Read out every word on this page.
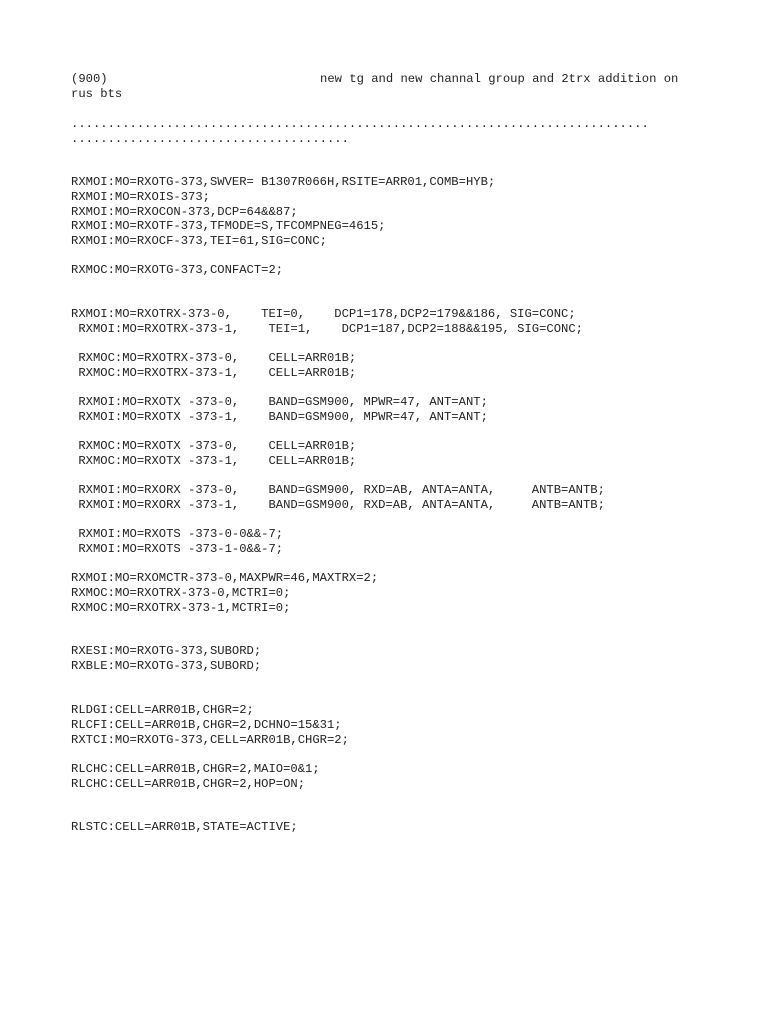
(900)	new tg and new channal group and 2trx addition on
rus bts
...............................................................................
......................................
RXMOI:MO=RXOTG-373,SWVER= B1307R066H,RSITE=ARR01,COMB=HYB;
RXMOI:MO=RXOIS-373;
RXMOI:MO=RXOCON-373,DCP=64&&87;
RXMOI:MO=RXOTF-373,TFMODE=S,TFCOMPNEG=4615;
RXMOI:MO=RXOCF-373,TEI=61,SIG=CONC;
RXMOC:MO=RXOTG-373,CONFACT=2;
RXMOI:MO=RXOTRX-373-0,    TEI=0,    DCP1=178,DCP2=179&&186, SIG=CONC;
RXMOI:MO=RXOTRX-373-1,    TEI=1,    DCP1=187,DCP2=188&&195, SIG=CONC;
RXMOC:MO=RXOTRX-373-0,    CELL=ARR01B;
RXMOC:MO=RXOTRX-373-1,    CELL=ARR01B;
RXMOI:MO=RXOTX -373-0,    BAND=GSM900, MPWR=47, ANT=ANT;
RXMOI:MO=RXOTX -373-1,    BAND=GSM900, MPWR=47, ANT=ANT;
RXMOC:MO=RXOTX -373-0,    CELL=ARR01B;
RXMOC:MO=RXOTX -373-1,    CELL=ARR01B;
RXMOI:MO=RXORX -373-0,    BAND=GSM900, RXD=AB, ANTA=ANTA,     ANTB=ANTB;
RXMOI:MO=RXORX -373-1,    BAND=GSM900, RXD=AB, ANTA=ANTA,     ANTB=ANTB;
RXMOI:MO=RXOTS -373-0-0&&-7;
RXMOI:MO=RXOTS -373-1-0&&-7;
RXMOI:MO=RXOMCTR-373-0,MAXPWR=46,MAXTRX=2;
RXMOC:MO=RXOTRX-373-0,MCTRI=0;
RXMOC:MO=RXOTRX-373-1,MCTRI=0;
RXESI:MO=RXOTG-373,SUBORD;
RXBLE:MO=RXOTG-373,SUBORD;
RLDGI:CELL=ARR01B,CHGR=2;
RLCFI:CELL=ARR01B,CHGR=2,DCHNO=15&31;
RXTCI:MO=RXOTG-373,CELL=ARR01B,CHGR=2;
RLCHC:CELL=ARR01B,CHGR=2,MAIO=0&1;
RLCHC:CELL=ARR01B,CHGR=2,HOP=ON;
RLSTC:CELL=ARR01B,STATE=ACTIVE;
